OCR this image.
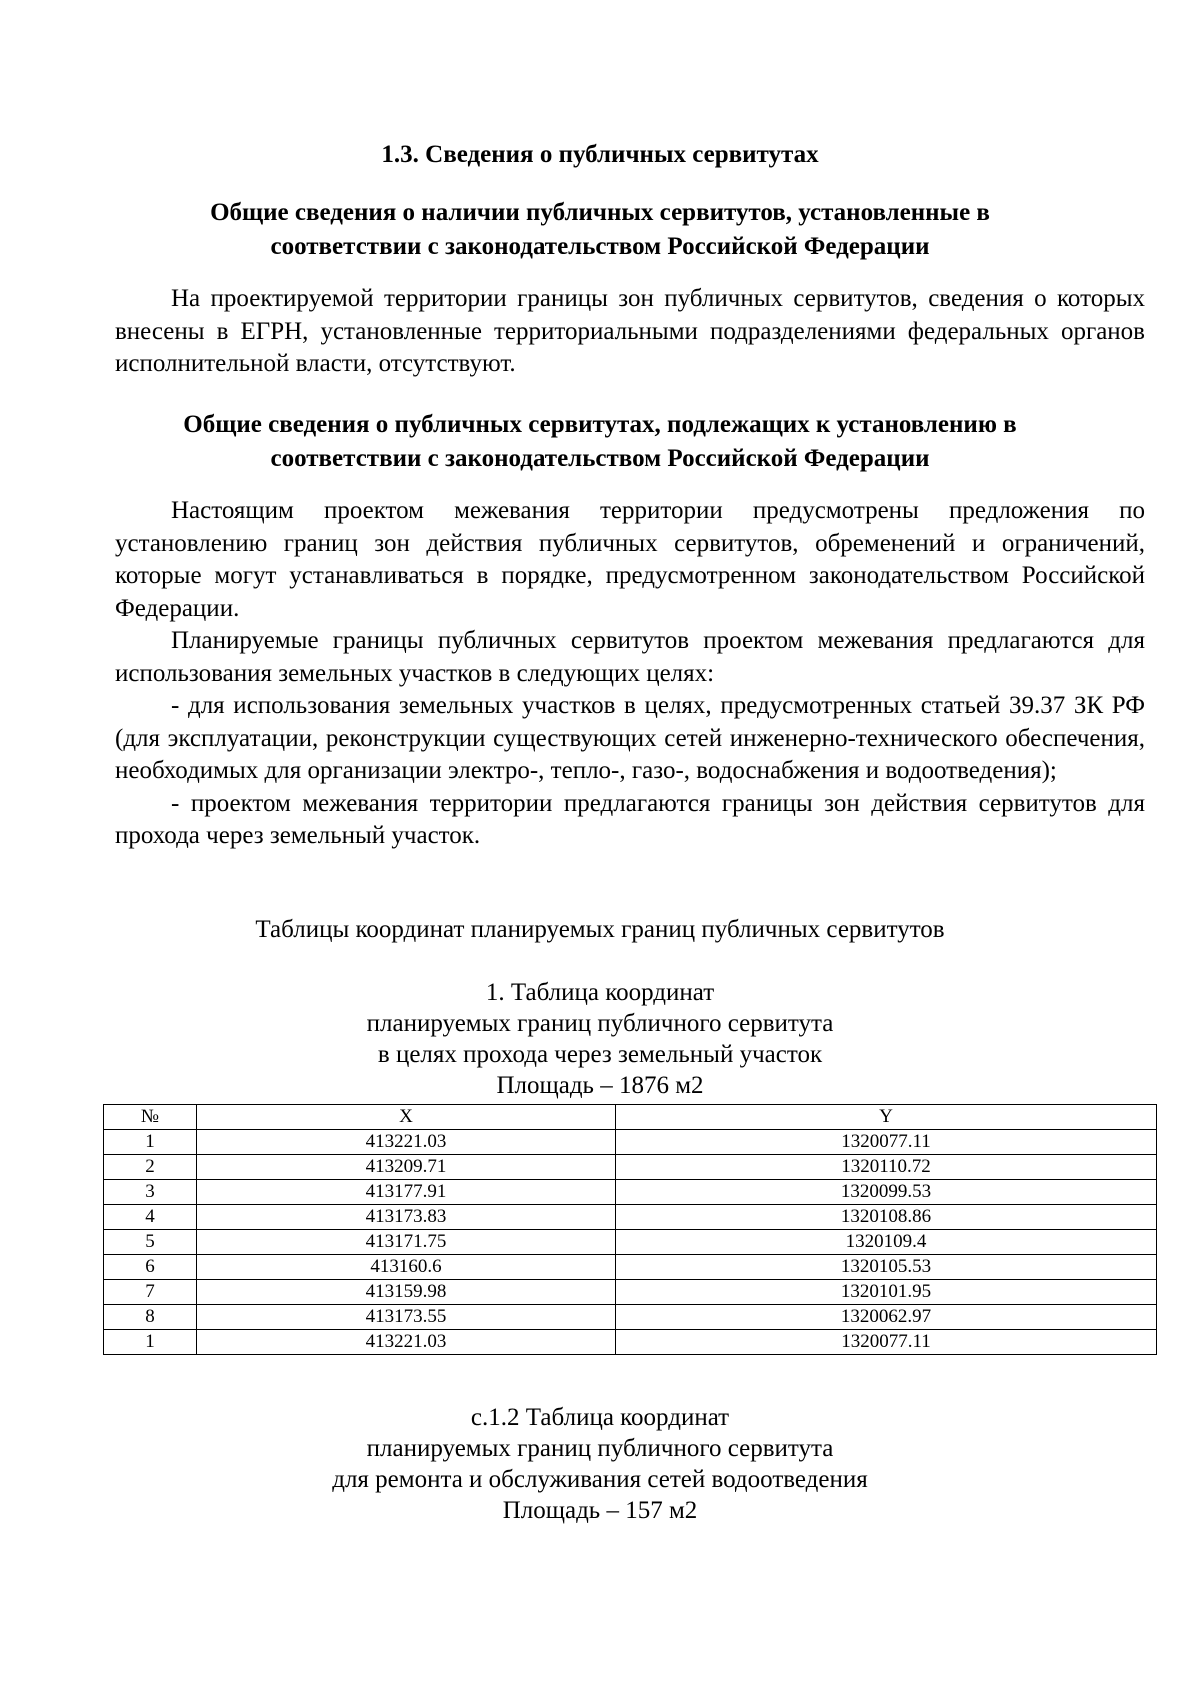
1.3. Сведения о публичных сервитутах
Общие сведения о наличии публичных сервитутов, установленные в
соответствии с законодательством Российской Федерации

На проектируемой территории границы зон публичных сервитутов, сведения о которых внесены в ЕГРН, установленные территориальными подразделениями федеральных органов исполнительной власти, отсутствуют.

Общие сведения о публичных сервитутах, подлежащих к установлению в
соответствии с законодательством Российской Федерации

Настоящим проектом межевания территории предусмотрены предложения по установлению границ зон действия публичных сервитутов, обременений и ограничений, которые могут устанавливаться в порядке, предусмотренном законодательством Российской Федерации.

Планируемые границы публичных сервитутов проектом межевания предлагаются для использования земельных участков в следующих целях:

- для использования земельных участков в целях, предусмотренных статьей 39.37 ЗК РФ (для эксплуатации, реконструкции существующих сетей инженерно-технического обеспечения, необходимых для организации электро-, тепло-, газо-, водоснабжения и водоотведения);

- проектом межевания территории предлагаются границы зон действия сервитутов для прохода через земельный участок.

Таблицы координат планируемых границ публичных сервитутов
1. Таблица координат
планируемых границ публичного сервитута
в целях прохода через земельный участок
Площадь – 1876 м2
№	X	Y
1	413221.03	1320077.11
2	413209.71	1320110.72
3	413177.91	1320099.53
4	413173.83	1320108.86
5	413171.75	1320109.4
6	413160.6	1320105.53
7	413159.98	1320101.95
8	413173.55	1320062.97
1	413221.03	1320077.11
с.1.2 Таблица координат
планируемых границ публичного сервитута
для ремонта и обслуживания сетей водоотведения
Площадь – 157 м2
